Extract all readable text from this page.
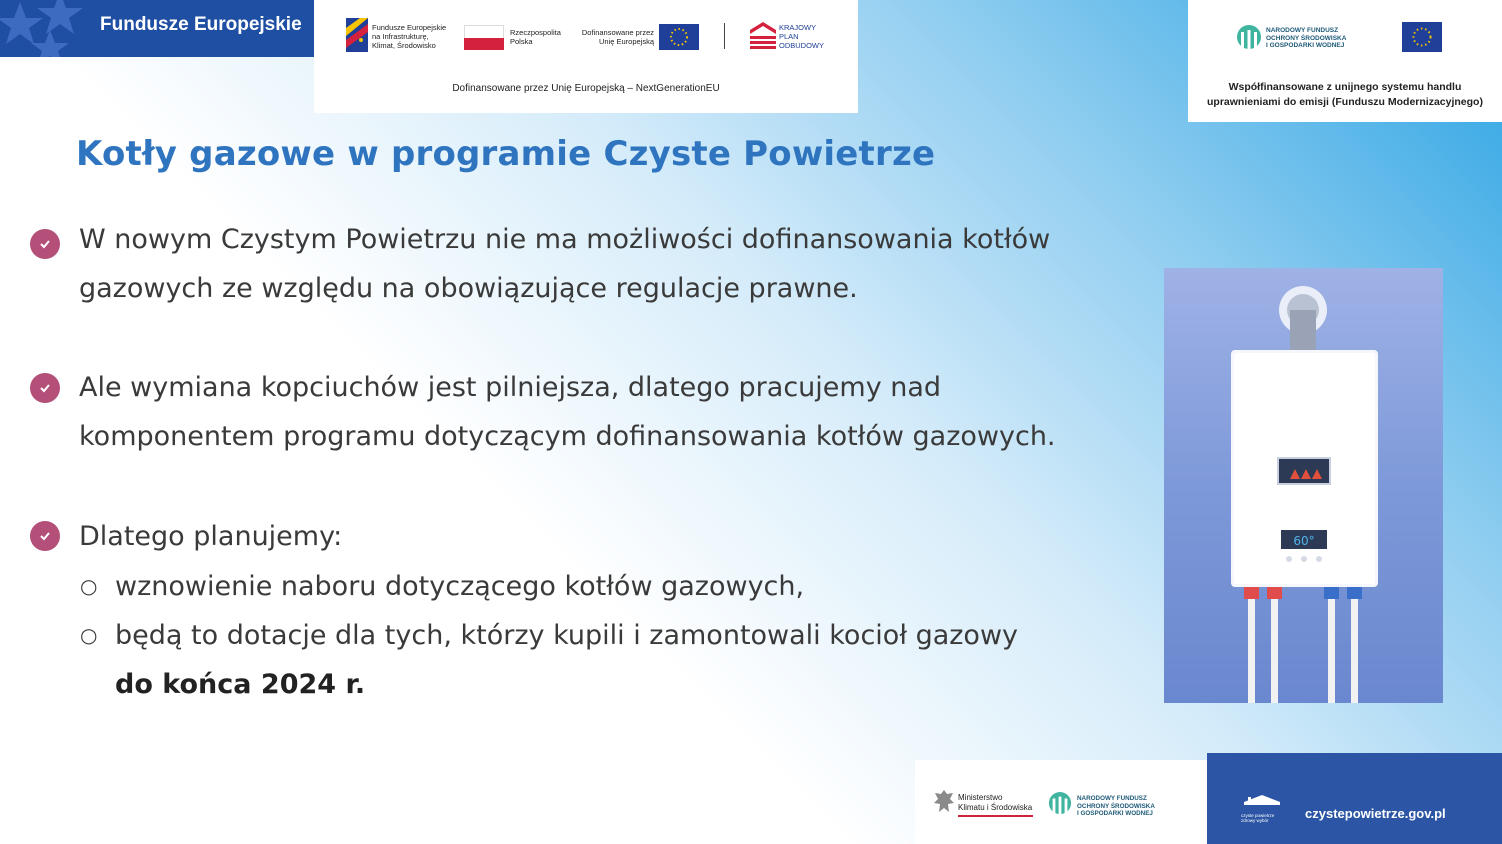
Fundusze Europejskie	Fundusze Europejskie
na Infrastrukturę,
Klimat, Środowisko
Rzeczpospolita
Polska
Dofinansowane przez
Unię Europejską
KRAJOWY
PLAN
ODBUDOWY
Dofinansowane przez Unię Europejską – NextGenerationEU
NARODOWY FUNDUSZ
OCHRONY ŚRODOWISKA
I GOSPODARKI WODNEJ
Współfinansowane z unijnego systemu handlu
uprawnieniami do emisji (Funduszu Modernizacyjnego)
Kotły gazowe w programie Czyste Powietrze
W nowym Czystym Powietrzu nie ma możliwości dofinansowania kotłów
gazowych ze względu na obowiązujące regulacje prawne.
Ale wymiana kopciuchów jest pilniejsza, dlatego pracujemy nad
komponentem programu dotyczącym dofinansowania kotłów gazowych.
Dlatego planujemy:
○ wznowienie naboru dotyczącego kotłów gazowych,
○ będą to dotacje dla tych, którzy kupili i zamontowali kocioł gazowy
do końca 2024 r.
60°
Ministerstwo
Klimatu i Środowiska
NARODOWY FUNDUSZ
OCHRONY ŚRODOWISKA
I GOSPODARKI WODNEJ	czyste powietrze
zdrowy wybór	czystepowietrze.gov.pl
